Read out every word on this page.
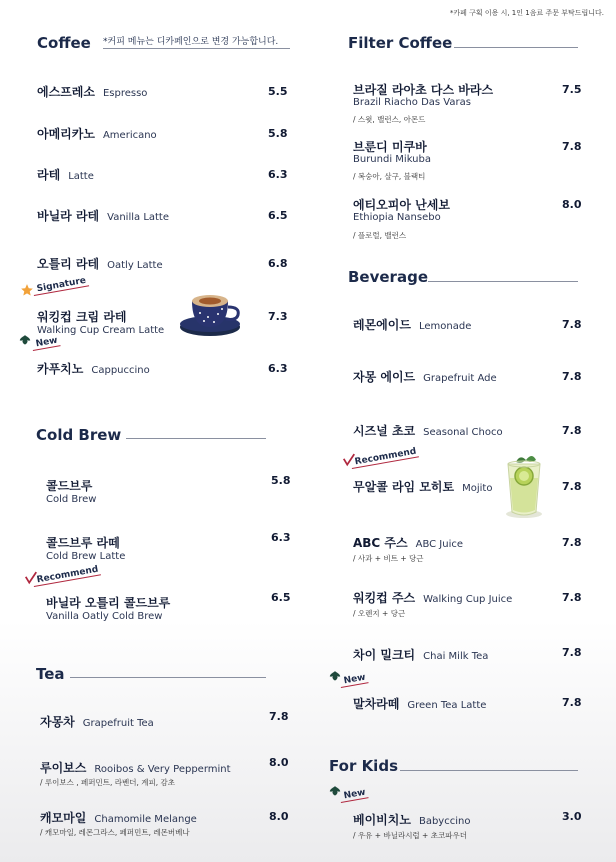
*카페 구획 이용 시, 1인 1음료 주문 부탁드립니다.
Coffee *커피 메뉴는 디카페인으로 변경 가능합니다.
에스프레소 Espresso	5.5
아메리카노 Americano	5.8
라테 Latte	6.3
바닐라 라테 Vanilla Latte	6.5
오틀리 라테 Oatly Latte	6.8
Signature
워킹컵 크림 라테
Walking Cup Cream Latte
7.3
New
카푸치노 Cappuccino	6.3
Cold Brew
콜드브루
Cold Brew
5.8
콜드브루 라떼
Cold Brew Latte
6.3
Recommend
바닐라 오틀리 콜드브루
Vanilla Oatly Cold Brew
6.5
Tea
자몽차 Grapefruit Tea
7.8
루이보스 Rooibos & Very Peppermint
/ 루이보스 , 페퍼민트, 라벤더, 계피, 감초
8.0
캐모마일 Chamomile Melange
/ 캐모마일, 레몬그라스, 페퍼민트, 레몬버베나
8.0
Filter Coffee
브라질 라아초 다스 바라스
Brazil Riacho Das Varas
/ 스윗, 밸런스, 아몬드
7.5
브룬디 미쿠바
Burundi Mikuba
/ 복숭아, 살구, 블랙티
7.8
에티오피아 난세보
Ethiopia Nansebo
/ 플로럴, 밸런스
8.0
Beverage
레몬에이드 Lemonade	7.8
자몽 에이드 Grapefruit Ade	7.8
시즈널 초코 Seasonal Choco	7.8
Recommend
무알콜 라임 모히토 Mojito	7.8
ABC 주스 ABC Juice
/ 사과 + 비트 + 당근
7.8
워킹컵 주스 Walking Cup Juice
/ 오렌지 + 당근
7.8
차이 밀크티 Chai Milk Tea	7.8
New
말차라떼 Green Tea Latte	7.8
For Kids
New
베이비치노 Babyccino
/ 우유 + 바닐라시럽 + 초코파우더
3.0
